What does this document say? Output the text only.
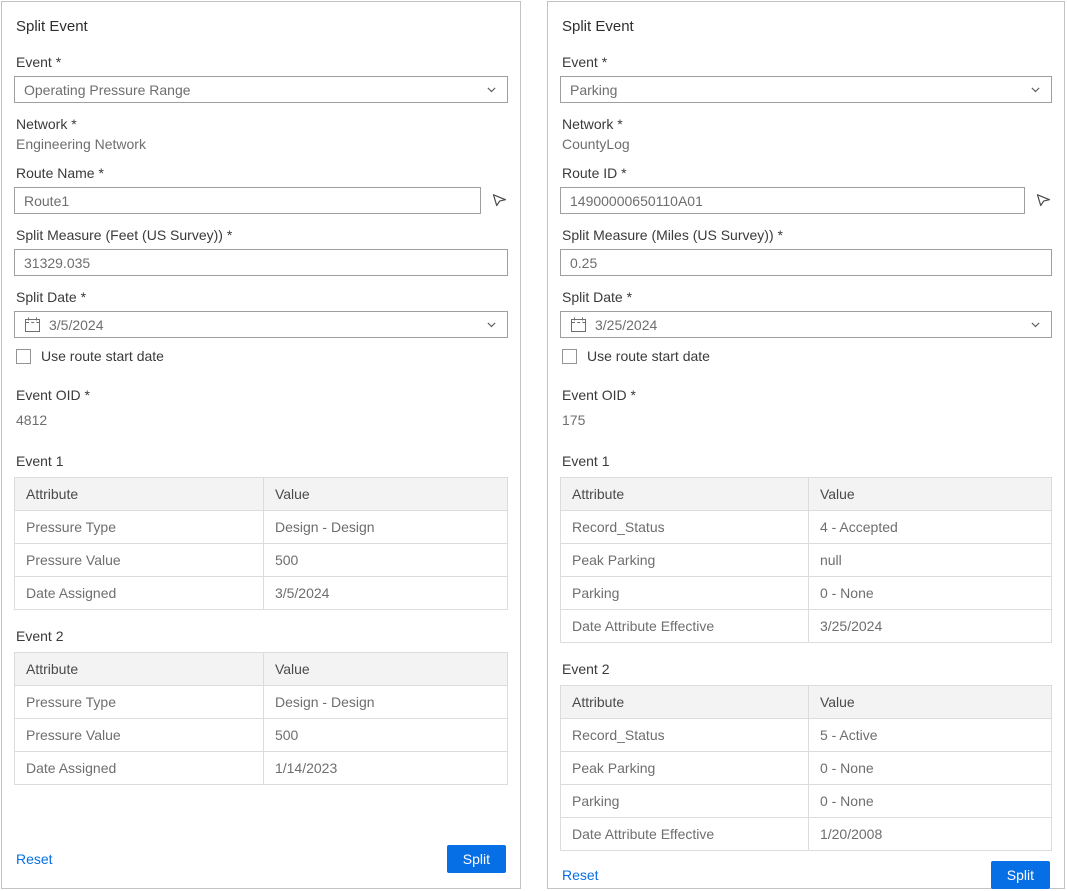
Split Event
Event *
Operating Pressure Range
Network *
Engineering Network
Route Name *
Route1
Split Measure (Feet (US Survey)) *
31329.035
Split Date *
3/5/2024
Use route start date
Event OID *
4812
Event 1
Attribute	Value
Pressure Type	Design - Design
Pressure Value	500
Date Assigned	3/5/2024
Event 2
Attribute	Value
Pressure Type	Design - Design
Pressure Value	500
Date Assigned	1/14/2023
Reset	Split
Split Event
Event *
Parking
Network *
CountyLog
Route ID *
14900000650110A01
Split Measure (Miles (US Survey)) *
0.25
Split Date *
3/25/2024
Use route start date
Event OID *
175
Event 1
Attribute	Value
Record_Status	4 - Accepted
Peak Parking	null
Parking	0 - None
Date Attribute Effective	3/25/2024
Event 2
Attribute	Value
Record_Status	5 - Active
Peak Parking	0 - None
Parking	0 - None
Date Attribute Effective	1/20/2008
Reset	Split
